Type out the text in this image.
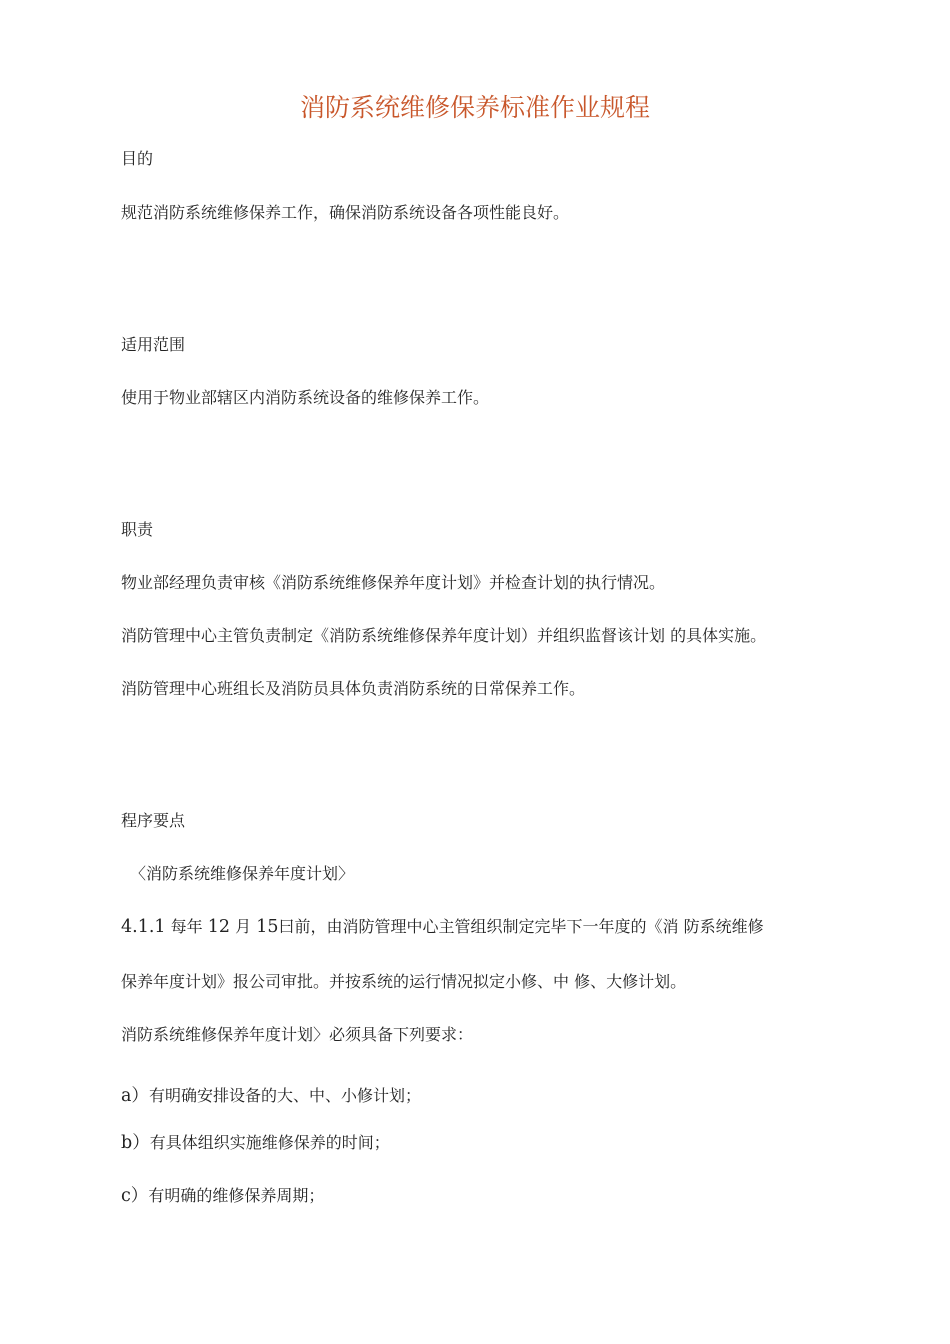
消防系统维修保养标准作业规程
目的
规范消防系统维修保养工作，确保消防系统设备各项性能良好。
适用范围
使用于物业部辖区内消防系统设备的维修保养工作。
职责
物业部经理负责审核《消防系统维修保养年度计划》并检查计划的执行情况。
消防管理中心主管负责制定《消防系统维修保养年度计划）并组织监督该计划 的具体实施。
消防管理中心班组长及消防员具体负责消防系统的日常保养工作。
程序要点
〈消防系统维修保养年度计划〉
4.1.1 每年 12 月 15曰前，由消防管理中心主管组织制定完毕下一年度的《消 防系统维修
保养年度计划》报公司审批。并按系统的运行情况拟定小修、中 修、大修计划。
消防系统维修保养年度计划〉必须具备下列要求：
a）有明确安排设备的大、中、小修计划；
b）有具体组织实施维修保养的时间；
c）有明确的维修保养周期；
